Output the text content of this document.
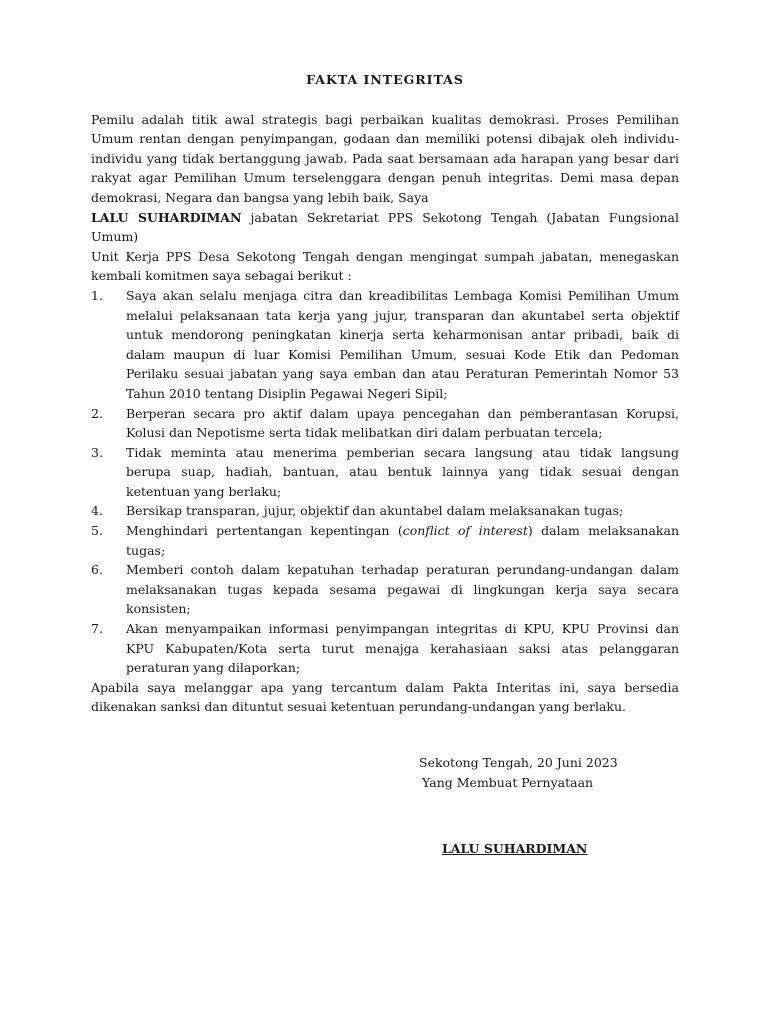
FAKTA INTEGRITAS

Pemilu adalah titik awal strategis bagi perbaikan kualitas demokrasi. Proses Pemilihan Umum rentan dengan penyimpangan, godaan dan memiliki potensi dibajak oleh individu-individu yang tidak bertanggung jawab. Pada saat bersamaan ada harapan yang besar dari rakyat agar Pemilihan Umum terselenggara dengan penuh integritas. Demi masa depan demokrasi, Negara dan bangsa yang lebih baik, Saya
LALU SUHARDIMAN jabatan Sekretariat PPS Sekotong Tengah (Jabatan Fungsional Umum)

Unit Kerja PPS Desa Sekotong Tengah dengan mengingat sumpah jabatan, menegaskan kembali komitmen saya sebagai berikut :

1. Saya akan selalu menjaga citra dan kreadibilitas Lembaga Komisi Pemilihan Umum melalui pelaksanaan tata kerja yang jujur, transparan dan akuntabel serta objektif untuk mendorong peningkatan kinerja serta keharmonisan antar pribadi, baik di dalam maupun di luar Komisi Pemilihan Umum, sesuai Kode Etik dan Pedoman Perilaku sesuai jabatan yang saya emban dan atau Peraturan Pemerintah Nomor 53 Tahun 2010 tentang Disiplin Pegawai Negeri Sipil;
2. Berperan secara pro aktif dalam upaya pencegahan dan pemberantasan Korupsi, Kolusi dan Nepotisme serta tidak melibatkan diri dalam perbuatan tercela;
3. Tidak meminta atau menerima pemberian secara langsung atau tidak langsung berupa suap, hadiah, bantuan, atau bentuk lainnya yang tidak sesuai dengan ketentuan yang berlaku;
4. Bersikap transparan, jujur, objektif dan akuntabel dalam melaksanakan tugas;
5. Menghindari pertentangan kepentingan (conflict of interest) dalam melaksanakan tugas;
6. Memberi contoh dalam kepatuhan terhadap peraturan perundang-undangan dalam melaksanakan tugas kepada sesama pegawai di lingkungan kerja saya secara konsisten;
7. Akan menyampaikan informasi penyimpangan integritas di KPU, KPU Provinsi dan KPU Kabupaten/Kota serta turut menajga kerahasiaan saksi atas pelanggaran peraturan yang dilaporkan;

Apabila saya melanggar apa yang tercantum dalam Pakta Interitas ini, saya bersedia dikenakan sanksi dan dituntut sesuai ketentuan perundang-undangan yang berlaku.

Sekotong Tengah, 20 Juni 2023
Yang Membuat Pernyataan
LALU SUHARDIMAN
